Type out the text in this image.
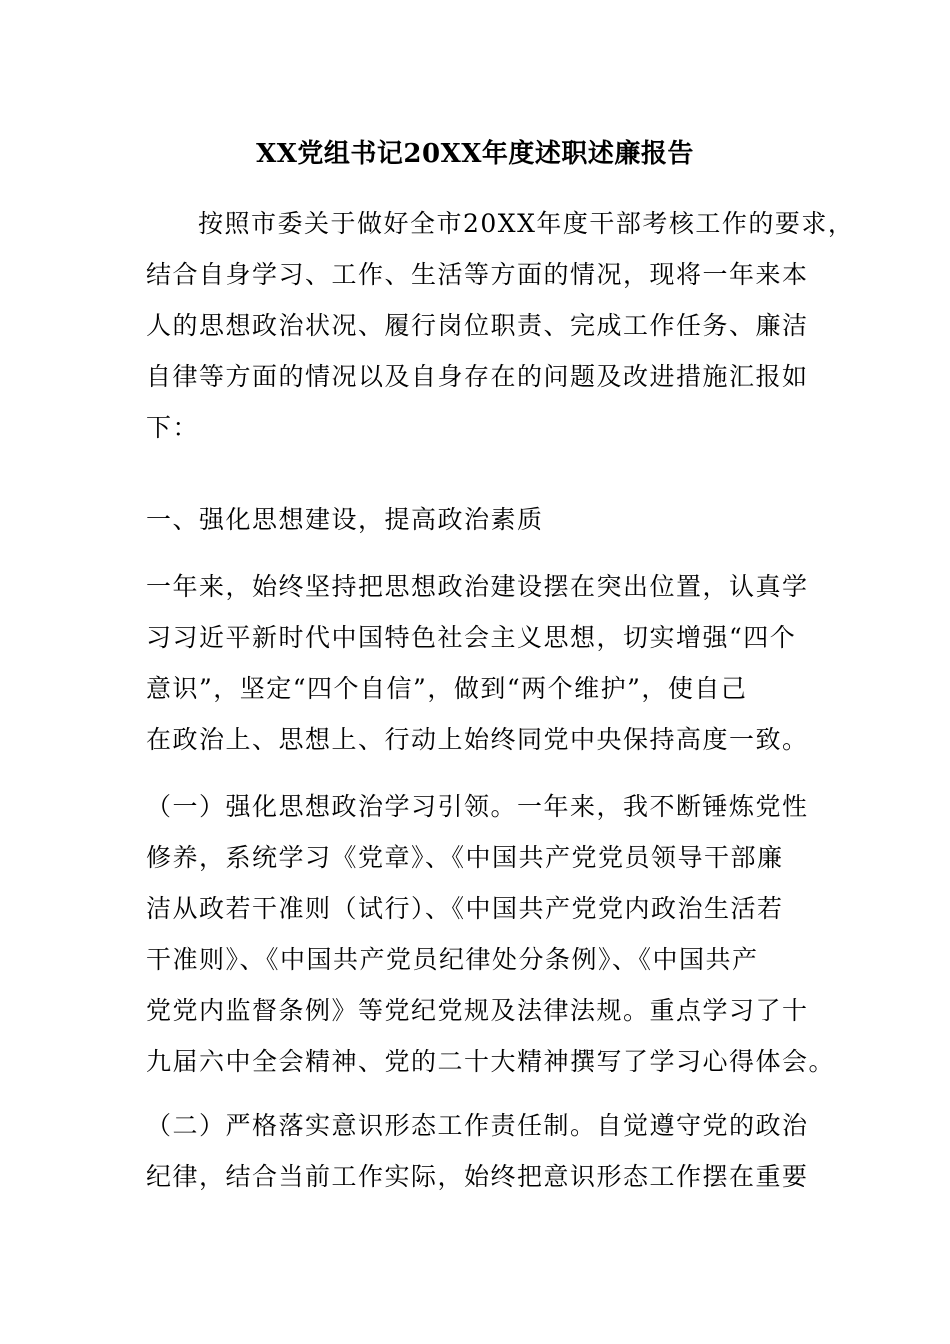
XX党组书记20XX年度述职述廉报告
按照市委关于做好全市20XX年度干部考核工作的要求，
结合自身学习、工作、生活等方面的情况，现将一年来本
人的思想政治状况、履行岗位职责、完成工作任务、廉洁
自律等方面的情况以及自身存在的问题及改进措施汇报如
下：
一、强化思想建设，提高政治素质
一年来，始终坚持把思想政治建设摆在突出位置，认真学
习习近平新时代中国特色社会主义思想，切实增强“四个
意识”，坚定“四个自信”，做到“两个维护”，使自己
在政治上、思想上、行动上始终同党中央保持高度一致。
（一）强化思想政治学习引领。一年来，我不断锤炼党性
修养，系统学习《党章》、《中国共产党党员领导干部廉
洁从政若干准则（试行）、《中国共产党党内政治生活若
干准则》、《中国共产党员纪律处分条例》、《中国共产
党党内监督条例》等党纪党规及法律法规。重点学习了十
九届六中全会精神、党的二十大精神撰写了学习心得体会。
（二）严格落实意识形态工作责任制。自觉遵守党的政治
纪律，结合当前工作实际，始终把意识形态工作摆在重要
